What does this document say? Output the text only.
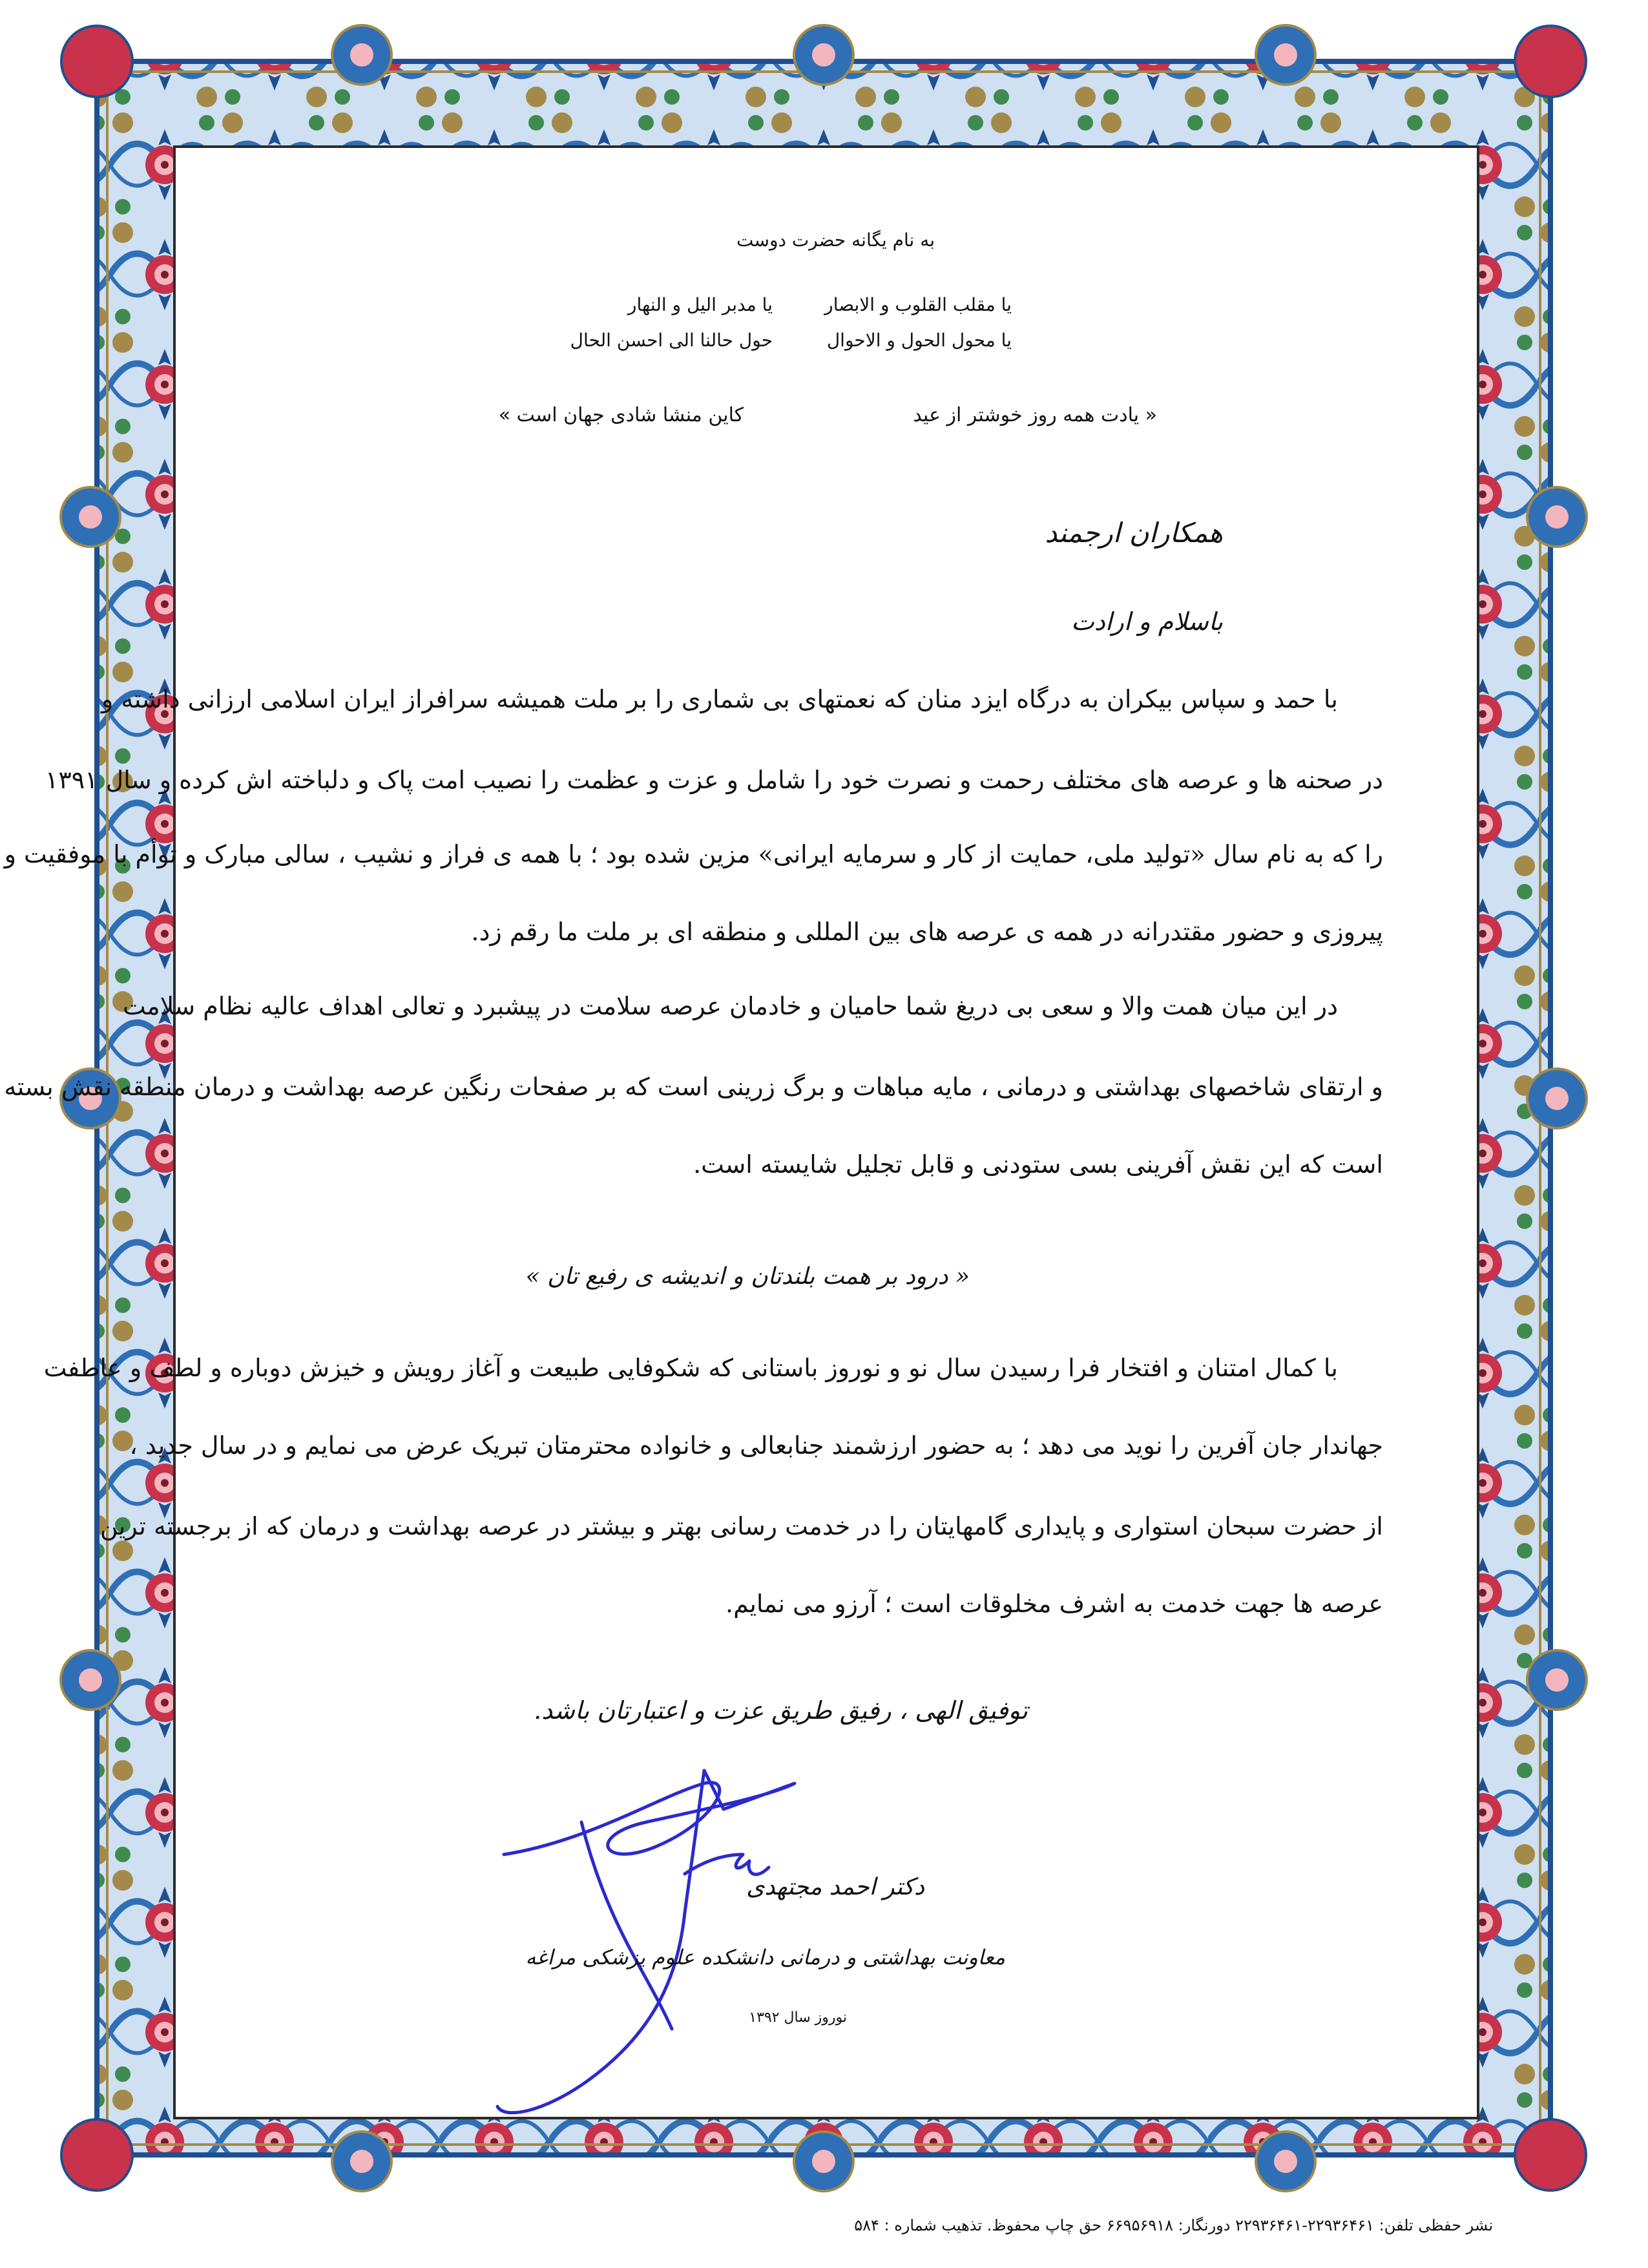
به نام یگانه حضرت دوست
یا مقلب القلوب و الابصار
یا مدبر الیل و النهار
یا محول الحول و الاحوال
حول حالنا الی احسن الحال
« یادت همه روز خوشتر از عید
کاین منشا شادی جهان است »
همکاران ارجمند
باسلام و ارادت
با حمد و سپاس بیکران به درگاه ایزد منان که نعمتهای بی شماری را بر ملت همیشه سرافراز ایران اسلامی ارزانی داشته و
در صحنه ها و عرصه های مختلف رحمت و نصرت خود را شامل و عزت و عظمت را نصیب امت پاک و دلباخته اش کرده و سال ۱۳۹۱
را که به نام سال «تولید ملی، حمایت از کار و سرمایه ایرانی» مزین شده بود ؛ با همه ی فراز و نشیب ، سالی مبارک و توأم با موفقیت و
پیروزی و حضور مقتدرانه در همه ی عرصه های بین المللی و منطقه ای بر ملت ما رقم زد.
در این میان همت والا و سعی بی دریغ شما حامیان و خادمان عرصه سلامت در پیشبرد و تعالی اهداف عالیه نظام سلامت
و ارتقای شاخصهای بهداشتی و درمانی ، مایه مباهات و برگ زرینی است که بر صفحات رنگین عرصه بهداشت و درمان منطقه نقش بسته
است که این نقش آفرینی بسی ستودنی و قابل تجلیل شایسته است.
« درود بر همت بلندتان و اندیشه ی رفیع تان »
با کمال امتنان و افتخار فرا رسیدن سال نو و نوروز باستانی که شکوفایی طبیعت و آغاز رویش و خیزش دوباره و لطف و عاطفت
جهاندار جان آفرین را نوید می دهد ؛ به حضور ارزشمند جنابعالی و خانواده محترمتان تبریک عرض می نمایم و در سال جدید ،
از حضرت سبحان استواری و پایداری گامهایتان را در خدمت رسانی بهتر و بیشتر در عرصه بهداشت و درمان که از برجسته ترین
عرصه ها جهت خدمت به اشرف مخلوقات است ؛ آرزو می نمایم.
توفیق الهی ، رفیق طریق عزت و اعتبارتان باشد.
دکتر احمد مجتهدی
معاونت بهداشتی و درمانی دانشکده علوم پزشکی مراغه
نوروز سال ۱۳۹۲
نشر حفظی تلفن: ۲۲۹۳۶۴۶۱-۲۲۹۳۶۴۶۱ دورنگار: ۶۶۹۵۶۹۱۸ حق چاپ محفوظ. تذهیب شماره : ۵۸۴
